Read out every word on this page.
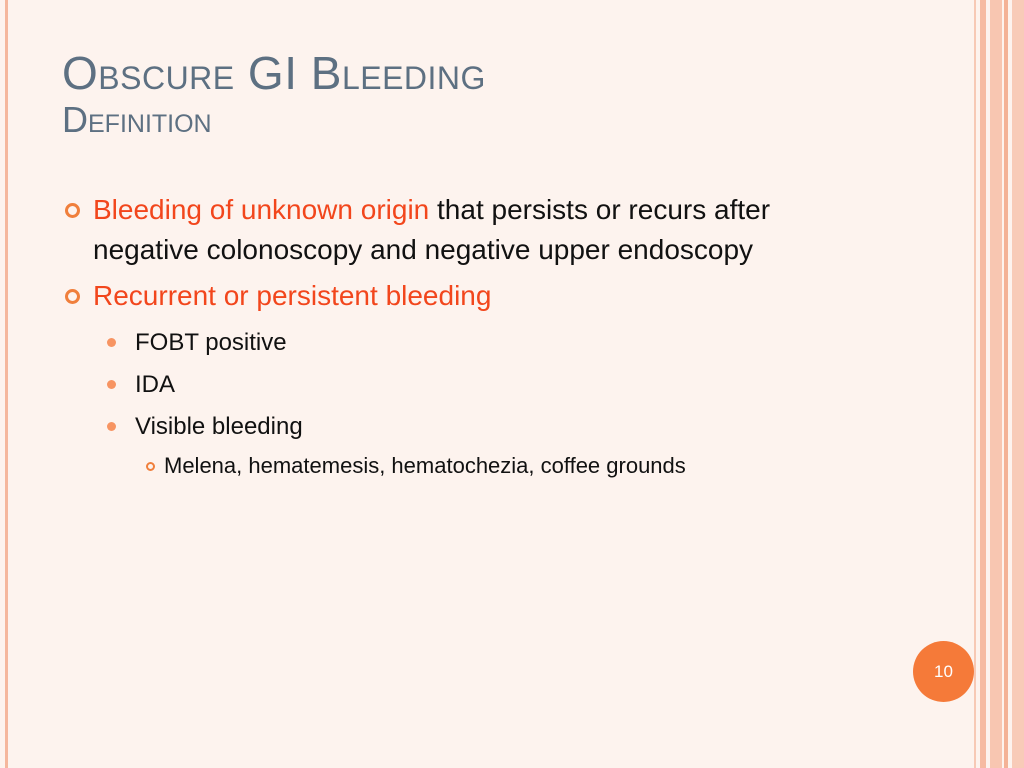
Obscure GI Bleeding
Definition
Bleeding of unknown origin that persists or recurs after negative colonoscopy and negative upper endoscopy
Recurrent or persistent bleeding
FOBT positive
IDA
Visible bleeding
Melena, hematemesis, hematochezia, coffee grounds
10
